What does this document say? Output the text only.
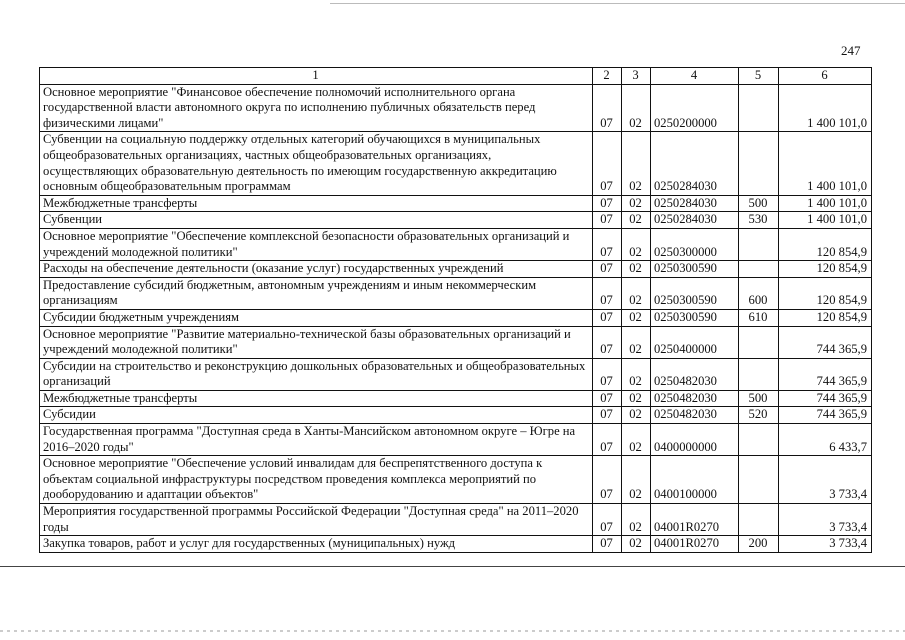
247
1	2	3	4	5	6
Основное мероприятие "Финансовое обеспечение полномочий исполнительного органа государственной власти автономного округа по исполнению публичных обязательств перед физическими лицами"	07	02	0250200000		1 400 101,0
Субвенции на социальную поддержку отдельных категорий обучающихся в муниципальных общеобразовательных организациях, частных общеобразовательных организациях, осуществляющих образовательную деятельность по имеющим государственную аккредитацию основным общеобразовательным программам	07	02	0250284030		1 400 101,0
Межбюджетные трансферты	07	02	0250284030	500	1 400 101,0
Субвенции	07	02	0250284030	530	1 400 101,0
Основное мероприятие "Обеспечение комплексной безопасности образовательных организаций и учреждений молодежной политики"	07	02	0250300000		120 854,9
Расходы на обеспечение деятельности (оказание услуг) государственных учреждений	07	02	0250300590		120 854,9
Предоставление субсидий бюджетным, автономным учреждениям и иным некоммерческим организациям	07	02	0250300590	600	120 854,9
Субсидии бюджетным учреждениям	07	02	0250300590	610	120 854,9
Основное мероприятие "Развитие материально-технической базы образовательных организаций и учреждений молодежной политики"	07	02	0250400000		744 365,9
Субсидии на строительство и реконструкцию дошкольных образовательных и общеобразовательных организаций	07	02	0250482030		744 365,9
Межбюджетные трансферты	07	02	0250482030	500	744 365,9
Субсидии	07	02	0250482030	520	744 365,9
Государственная программа "Доступная среда в Ханты-Мансийском автономном округе – Югре на 2016–2020 годы"	07	02	0400000000		6 433,7
Основное мероприятие "Обеспечение условий инвалидам для беспрепятственного доступа к объектам социальной инфраструктуры посредством проведения комплекса мероприятий по дооборудованию и адаптации объектов"	07	02	0400100000		3 733,4
Мероприятия государственной программы Российской Федерации "Доступная среда" на 2011–2020 годы	07	02	04001R0270		3 733,4
Закупка товаров, работ и услуг для государственных (муниципальных) нужд	07	02	04001R0270	200	3 733,4
